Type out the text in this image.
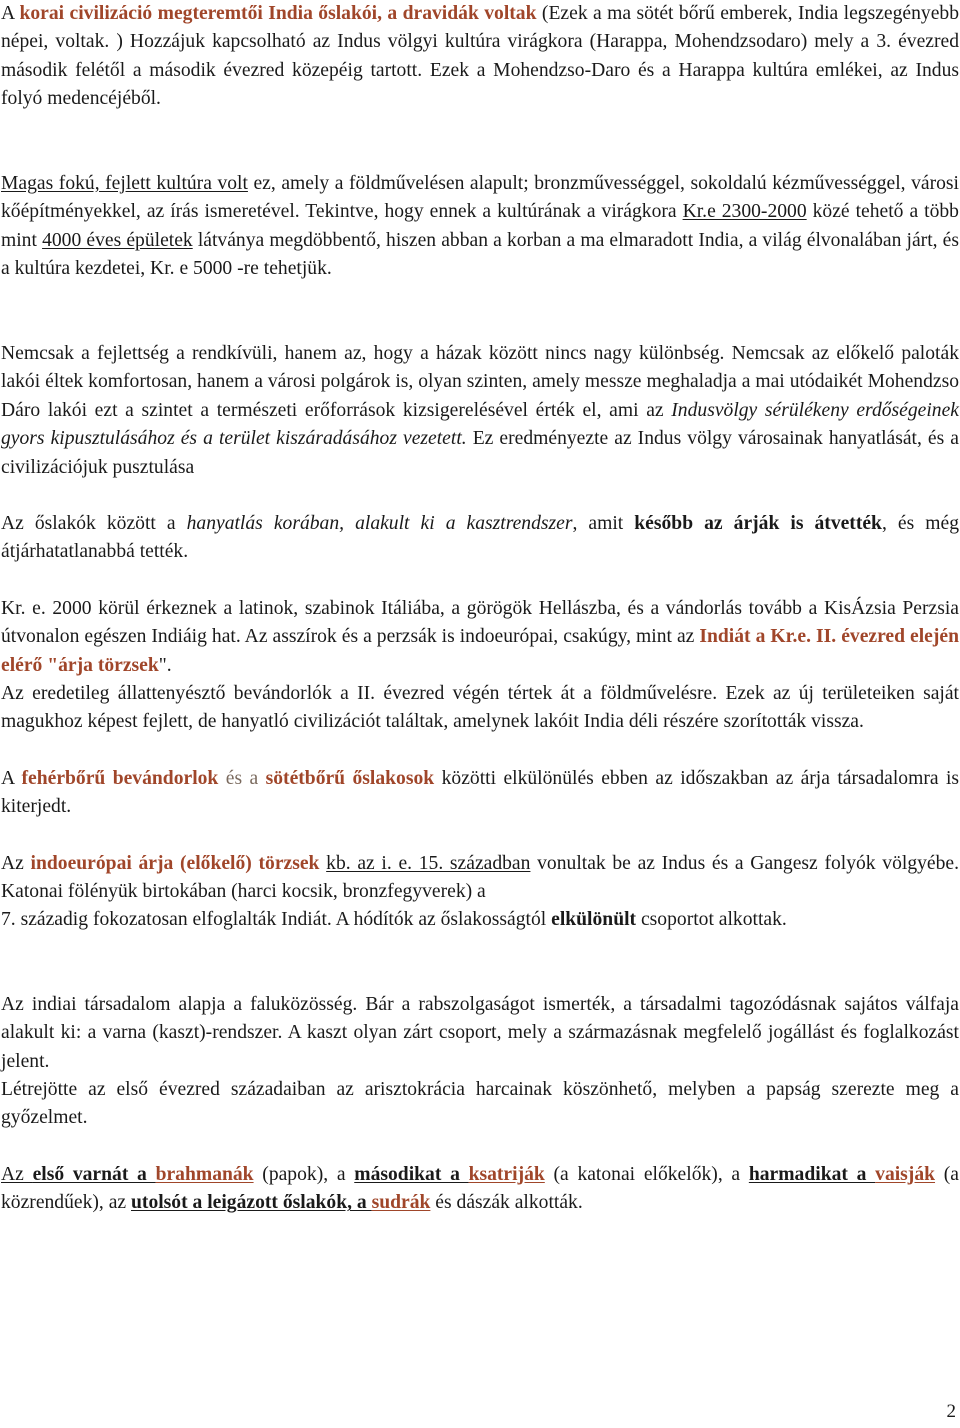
A korai civilizáció megteremtői India őslakói, a dravidák voltak (Ezek a ma sötét bőrű emberek, India legszegényebb népei, voltak. ) Hozzájuk kapcsolható az Indus völgyi kultúra virágkora (Harappa, Mohendzsodaro) mely a 3. évezred második felétől a második évezred közepéig tartott. Ezek a Mohendzso-Daro és a Harappa kultúra emlékei, az Indus folyó medencéjéből.

Magas fokú, fejlett kultúra volt ez, amely a földművelésen alapult; bronzművességgel, sokoldalú kézművességgel, városi kőépítményekkel, az írás ismeretével. Tekintve, hogy ennek a kultúrának a virágkora Kr.e 2300-2000 közé tehető a több mint 4000 éves épületek látványa megdöbbentő, hiszen abban a korban a ma elmaradott India, a világ élvonalában járt, és a kultúra kezdetei, Kr. e 5000 -re tehetjük.

Nemcsak a fejlettség a rendkívüli, hanem az, hogy a házak között nincs nagy különbség. Nemcsak az előkelő paloták lakói éltek komfortosan, hanem a városi polgárok is, olyan szinten, amely messze meghaladja a mai utódaikét Mohendzso Dáro lakói ezt a szintet a természeti erőforrások kizsigerelésével érték el, ami az Indusvölgy sérülékeny erdőségeinek gyors kipusztulásához és a terület kiszáradásához vezetett. Ez eredményezte az Indus völgy városainak hanyatlását, és a civilizációjuk pusztulása

Az őslakók között a hanyatlás korában, alakult ki a kasztrendszer, amit később az árják is átvették, és még átjárhatatlanabbá tették.

Kr. e. 2000 körül érkeznek a latinok, szabinok Itáliába, a görögök Hellászba, és a vándorlás tovább a KisÁzsia Perzsia útvonalon egészen Indiáig hat. Az asszírok és a perzsák is indoeurópai, csakúgy, mint az Indiát a Kr.e. II. évezred elején elérő "árja törzsek".

Az eredetileg állattenyésztő bevándorlók a II. évezred végén tértek át a földművelésre. Ezek az új területeiken saját magukhoz képest fejlett, de hanyatló civilizációt találtak, amelynek lakóit India déli részére szorították vissza.

A fehérbőrű bevándorlok és a sötétbőrű őslakosok közötti elkülönülés ebben az időszakban az árja társadalomra is kiterjedt.

Az indoeurópai árja (előkelő) törzsek kb. az i. e. 15. században vonultak be az Indus és a Gangesz folyók völgyébe. Katonai fölényük birtokában (harci kocsik, bronzfegyverek) a

7. századig fokozatosan elfoglalták Indiát. A hódítók az őslakosságtól elkülönült csoportot alkottak.

Az indiai társadalom alapja a faluközösség. Bár a rabszolgaságot ismerték, a társadalmi tagozódásnak sajátos válfaja alakult ki: a varna (kaszt)-rendszer. A kaszt olyan zárt csoport, mely a származásnak megfelelő jogállást és foglalkozást jelent.

Létrejötte az első évezred századaiban az arisztokrácia harcainak köszönhető, melyben a papság szerezte meg a győzelmet.

Az első varnát a brahmanák (papok), a másodikat a ksatriják (a katonai előkelők), a harmadikat a vaisják (a közrendűek), az utolsót a leigázott őslakók, a sudrák és dászák alkották.

2
